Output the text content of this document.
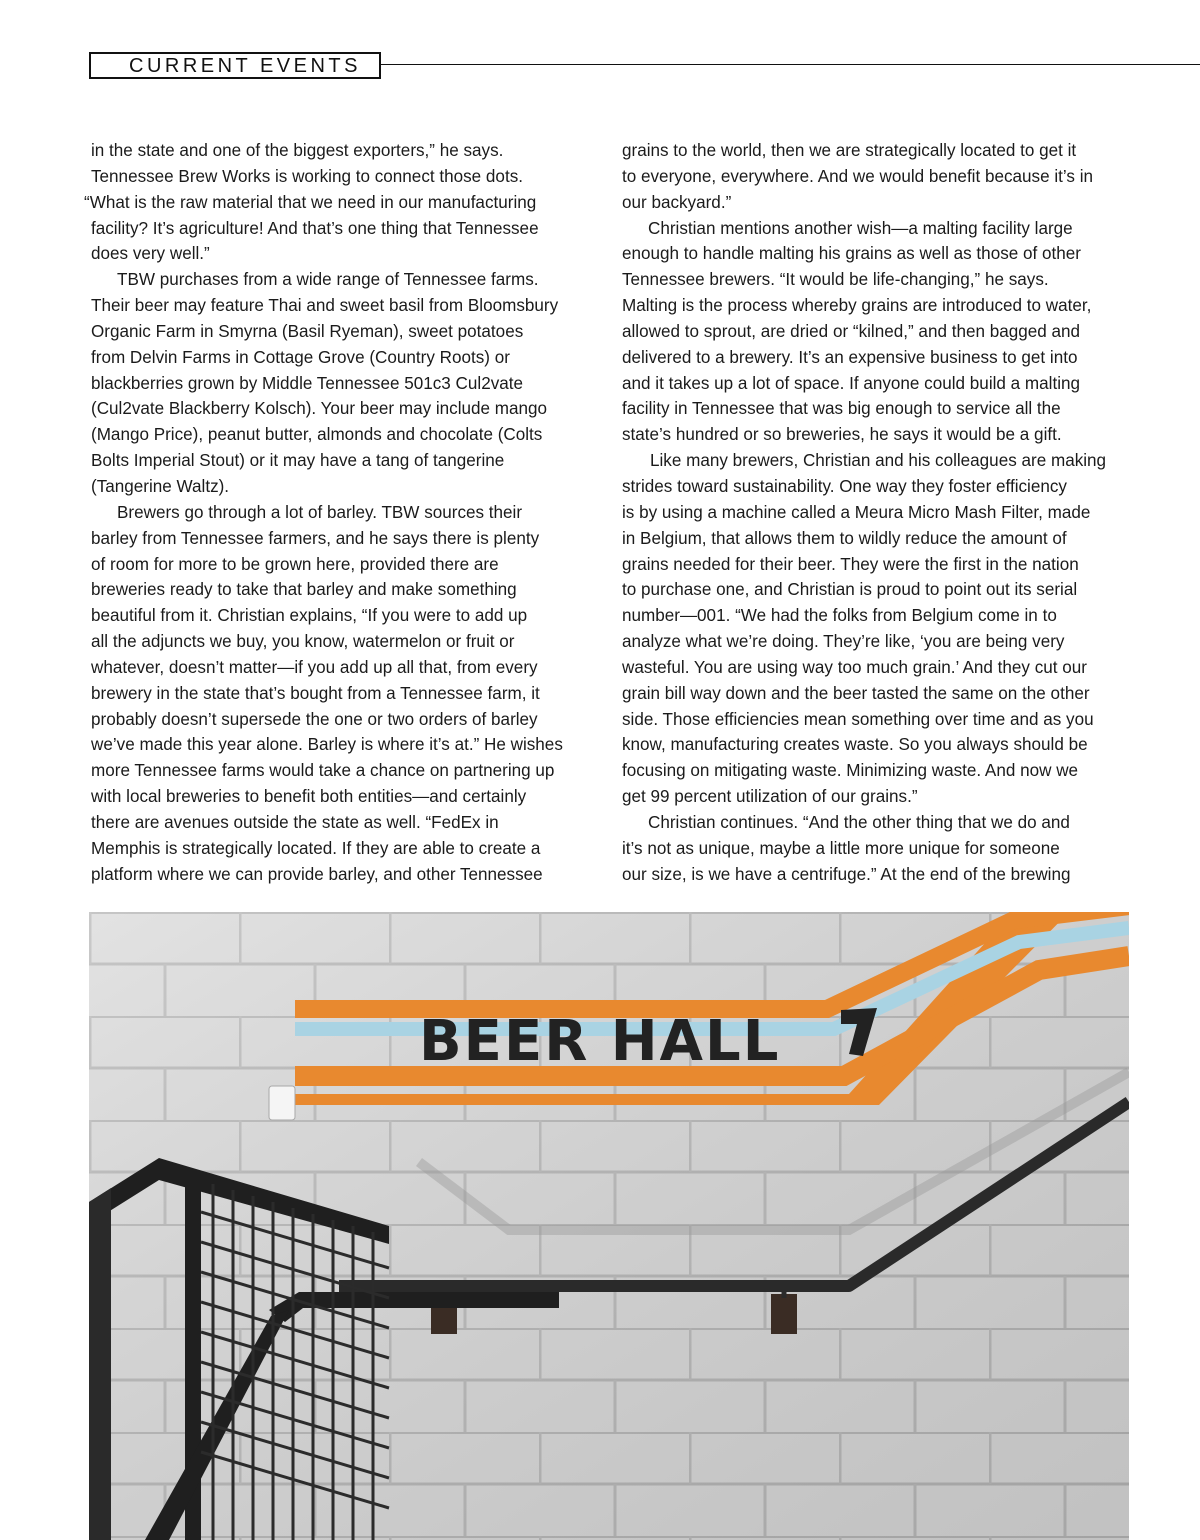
CURRENT EVENTS

in the state and one of the biggest exporters,” he says.

Tennessee Brew Works is working to connect those dots.

“What is the raw material that we need in our manufacturing

facility? It’s agriculture! And that’s one thing that Tennessee

does very well.”

TBW purchases from a wide range of Tennessee farms.

Their beer may feature Thai and sweet basil from Bloomsbury

Organic Farm in Smyrna (Basil Ryeman), sweet potatoes

from Delvin Farms in Cottage Grove (Country Roots) or

blackberries grown by Middle Tennessee 501c3 Cul2vate

(Cul2vate Blackberry Kolsch). Your beer may include mango

(Mango Price), peanut butter, almonds and chocolate (Colts

Bolts Imperial Stout) or it may have a tang of tangerine

(Tangerine Waltz).

Brewers go through a lot of barley. TBW sources their

barley from Tennessee farmers, and he says there is plenty

of room for more to be grown here, provided there are

breweries ready to take that barley and make something

beautiful from it. Christian explains, “If you were to add up

all the adjuncts we buy, you know, watermelon or fruit or

whatever, doesn’t matter—if you add up all that, from every

brewery in the state that’s bought from a Tennessee farm, it

probably doesn’t supersede the one or two orders of barley

we’ve made this year alone. Barley is where it’s at.” He wishes

more Tennessee farms would take a chance on partnering up

with local breweries to benefit both entities—and certainly

there are avenues outside the state as well. “FedEx in

Memphis is strategically located. If they are able to create a

platform where we can provide barley, and other Tennessee

grains to the world, then we are strategically located to get it

to everyone, everywhere. And we would benefit because it’s in

our backyard.”

Christian mentions another wish—a malting facility large

enough to handle malting his grains as well as those of other

Tennessee brewers. “It would be life-changing,” he says.

Malting is the process whereby grains are introduced to water,

allowed to sprout, are dried or “kilned,” and then bagged and

delivered to a brewery. It’s an expensive business to get into

and it takes up a lot of space. If anyone could build a malting

facility in Tennessee that was big enough to service all the

state’s hundred or so breweries, he says it would be a gift.

Like many brewers, Christian and his colleagues are making

strides toward sustainability. One way they foster efficiency

is by using a machine called a Meura Micro Mash Filter, made

in Belgium, that allows them to wildly reduce the amount of

grains needed for their beer. They were the first in the nation

to purchase one, and Christian is proud to point out its serial

number—001. “We had the folks from Belgium come in to

analyze what we’re doing. They’re like, ‘you are being very

wasteful. You are using way too much grain.’ And they cut our

grain bill way down and the beer tasted the same on the other

side. Those efficiencies mean something over time and as you

know, manufacturing creates waste. So you always should be

focusing on mitigating waste. Minimizing waste. And now we

get 99 percent utilization of our grains.”

Christian continues. “And the other thing that we do and

it’s not as unique, maybe a little more unique for someone

our size, is we have a centrifuge.” At the end of the brewing

BEER HALL
